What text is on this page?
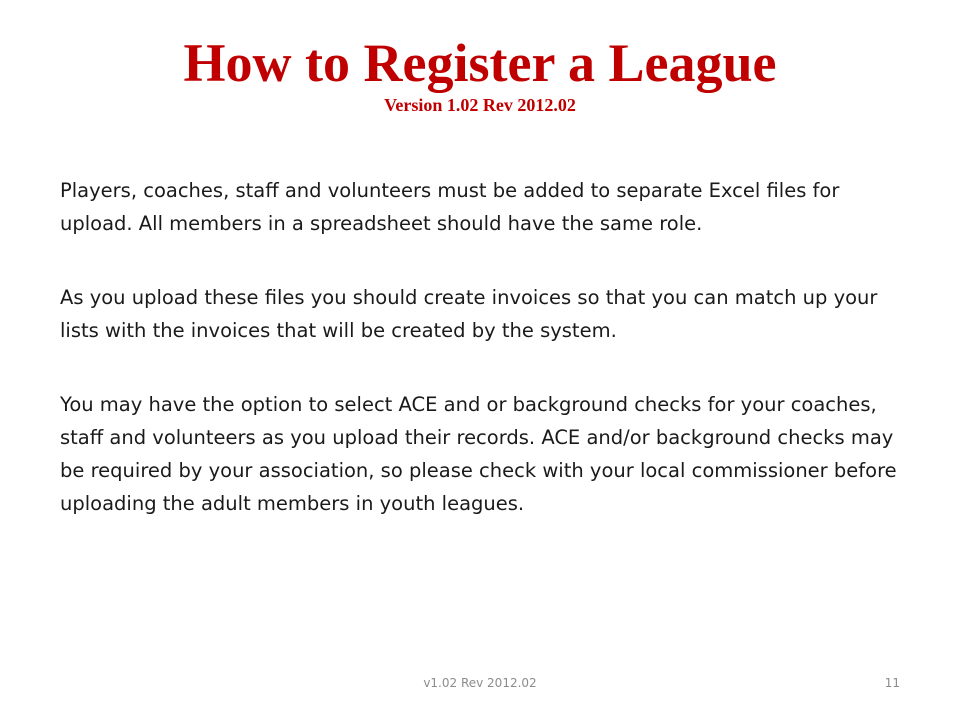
How to Register a League
Version 1.02 Rev 2012.02

Players, coaches, staff and volunteers must be added to separate Excel files for upload. All members in a spreadsheet should have the same role.

As you upload these files you should create invoices so that you can match up your lists with the invoices that will be created by the system.

You may have the option to select ACE and or background checks for your coaches, staff and volunteers as you upload their records. ACE and/or background checks may be required by your association, so please check with your local commissioner before uploading the adult members in youth leagues.

v1.02 Rev 2012.02	11
